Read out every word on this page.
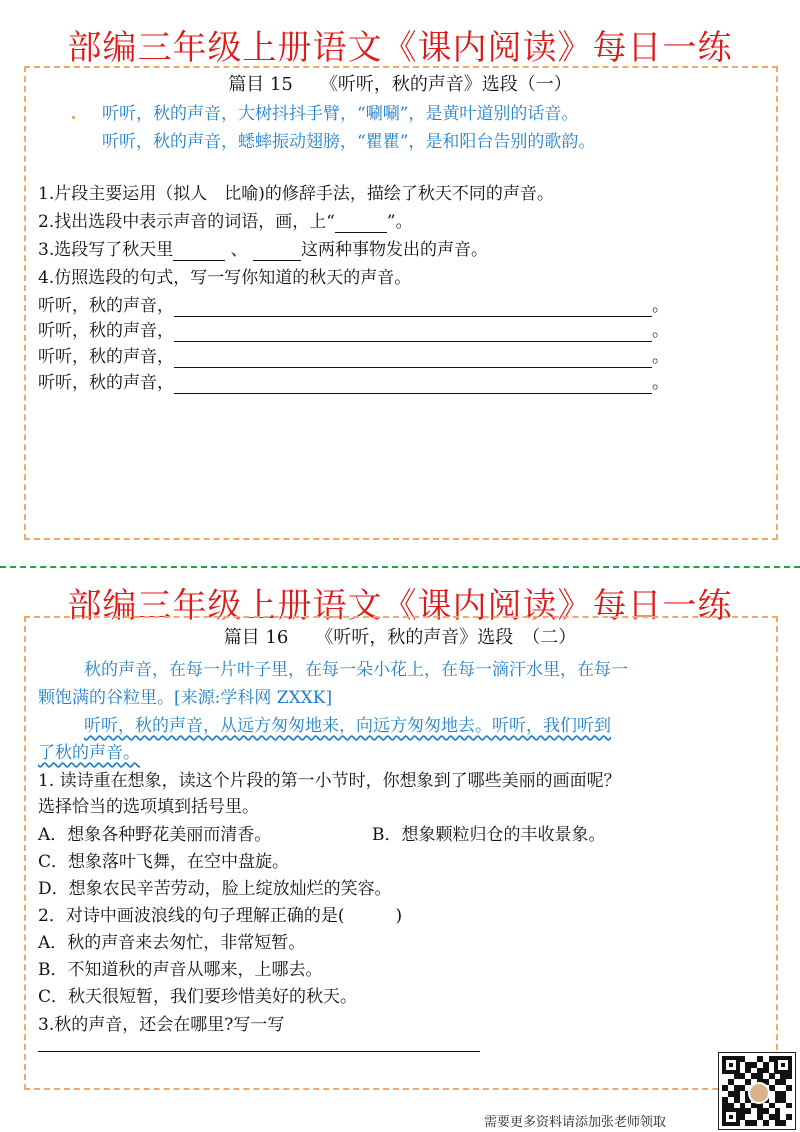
部编三年级上册语文《课内阅读》每日一练
篇目 15　　《听听，秋的声音》选段（一）
听听，秋的声音，大树抖抖手臂，“唰唰”，是黄叶道别的话音。
听听，秋的声音，蟋蟀振动翅膀，“瞿瞿”，是和阳台告别的歌韵。
1.片段主要运用（拟人　比喻)的修辞手法，描绘了秋天不同的声音。
2.找出选段中表示声音的词语，画，上“	”。
3.选段写了秋天里	、	这两种事物发出的声音。
4.仿照选段的句式，写一写你知道的秋天的声音。
听听，秋的声音，	。
听听，秋的声音，	。
听听，秋的声音，	。
听听，秋的声音，	。
部编三年级上册语文《课内阅读》每日一练
篇目 16　　《听听，秋的声音》选段　（二）
秋的声音，在每一片叶子里，在每一朵小花上，在每一滴汗水里，在每一
颗饱满的谷粒里。[来源:学科网 ZXXK]
听听，秋的声音，从远方匆匆地来，向远方匆匆地去。听听，我们听到
了秋的声音。
1. 读诗重在想象，读这个片段的第一小节时，你想象到了哪些美丽的画面呢？
选择恰当的选项填到括号里。
A．想象各种野花美丽而清香。	B．想象颗粒归仓的丰收景象。
C．想象落叶飞舞，在空中盘旋。
D．想象农民辛苦劳动，脸上绽放灿烂的笑容。
2．对诗中画波浪线的句子理解正确的是(　　　)
A．秋的声音来去匆忙，非常短暂。
B．不知道秋的声音从哪来，上哪去。
C．秋天很短暂，我们要珍惜美好的秋天。
3.秋的声音，还会在哪里?写一写
需要更多资料请添加张老师领取
